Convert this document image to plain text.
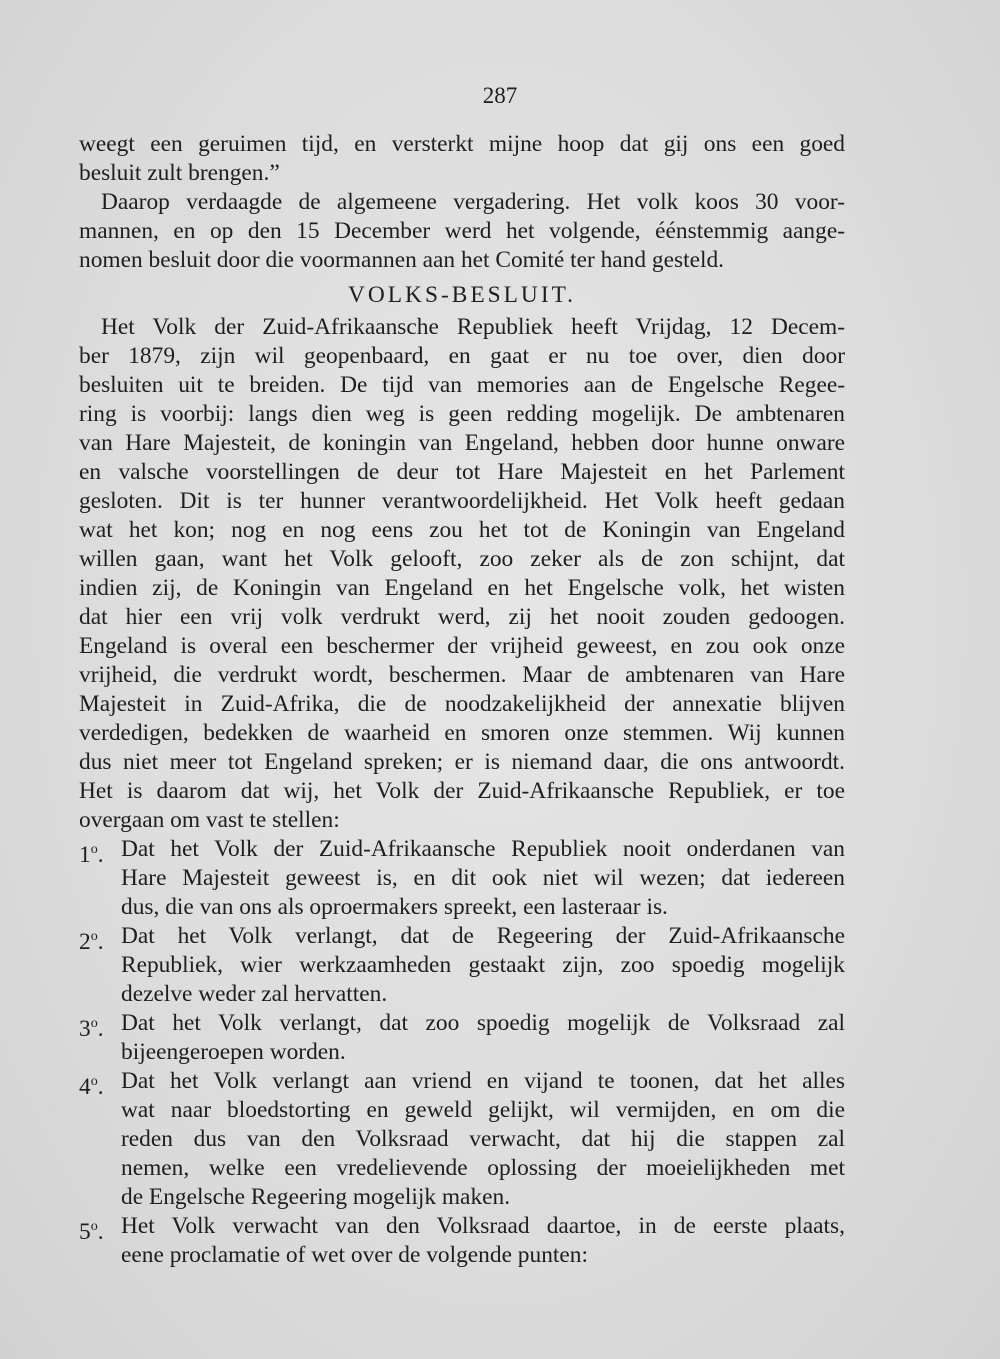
287
weegt een geruimen tijd, en versterkt mijne hoop dat gij ons een goed
besluit zult brengen.”
Daarop verdaagde de algemeene vergadering. Het volk koos 30 voor-
mannen, en op den 15 December werd het volgende, éénstemmig aange-
nomen besluit door die voormannen aan het Comité ter hand gesteld.
VOLKS-BESLUIT.
Het Volk der Zuid-Afrikaansche Republiek heeft Vrijdag, 12 Decem-
ber 1879, zijn wil geopenbaard, en gaat er nu toe over, dien door
besluiten uit te breiden. De tijd van memories aan de Engelsche Regee-
ring is voorbij: langs dien weg is geen redding mogelijk. De ambtenaren
van Hare Majesteit, de koningin van Engeland, hebben door hunne onware
en valsche voorstellingen de deur tot Hare Majesteit en het Parlement
gesloten. Dit is ter hunner verantwoordelijkheid. Het Volk heeft gedaan
wat het kon; nog en nog eens zou het tot de Koningin van Engeland
willen gaan, want het Volk gelooft, zoo zeker als de zon schijnt, dat
indien zij, de Koningin van Engeland en het Engelsche volk, het wisten
dat hier een vrij volk verdrukt werd, zij het nooit zouden gedoogen.
Engeland is overal een beschermer der vrijheid geweest, en zou ook onze
vrijheid, die verdrukt wordt, beschermen. Maar de ambtenaren van Hare
Majesteit in Zuid-Afrika, die de noodzakelijkheid der annexatie blijven
verdedigen, bedekken de waarheid en smoren onze stemmen. Wij kunnen
dus niet meer tot Engeland spreken; er is niemand daar, die ons antwoordt.
Het is daarom dat wij, het Volk der Zuid-Afrikaansche Republiek, er toe
overgaan om vast te stellen:
1$^o$. Dat het Volk der Zuid-Afrikaansche Republiek nooit onderdanen van
Hare Majesteit geweest is, en dit ook niet wil wezen; dat iedereen
dus, die van ons als oproermakers spreekt, een lasteraar is.
2$^o$. Dat het Volk verlangt, dat de Regeering der Zuid-Afrikaansche
Republiek, wier werkzaamheden gestaakt zijn, zoo spoedig mogelijk
dezelve weder zal hervatten.
3$^o$. Dat het Volk verlangt, dat zoo spoedig mogelijk de Volksraad zal
bijeengeroepen worden.
4$^o$. Dat het Volk verlangt aan vriend en vijand te toonen, dat het alles
wat naar bloedstorting en geweld gelijkt, wil vermijden, en om die
reden dus van den Volksraad verwacht, dat hij die stappen zal
nemen, welke een vredelievende oplossing der moeielijkheden met
de Engelsche Regeering mogelijk maken.
5$^o$. Het Volk verwacht van den Volksraad daartoe, in de eerste plaats,
eene proclamatie of wet over de volgende punten:
